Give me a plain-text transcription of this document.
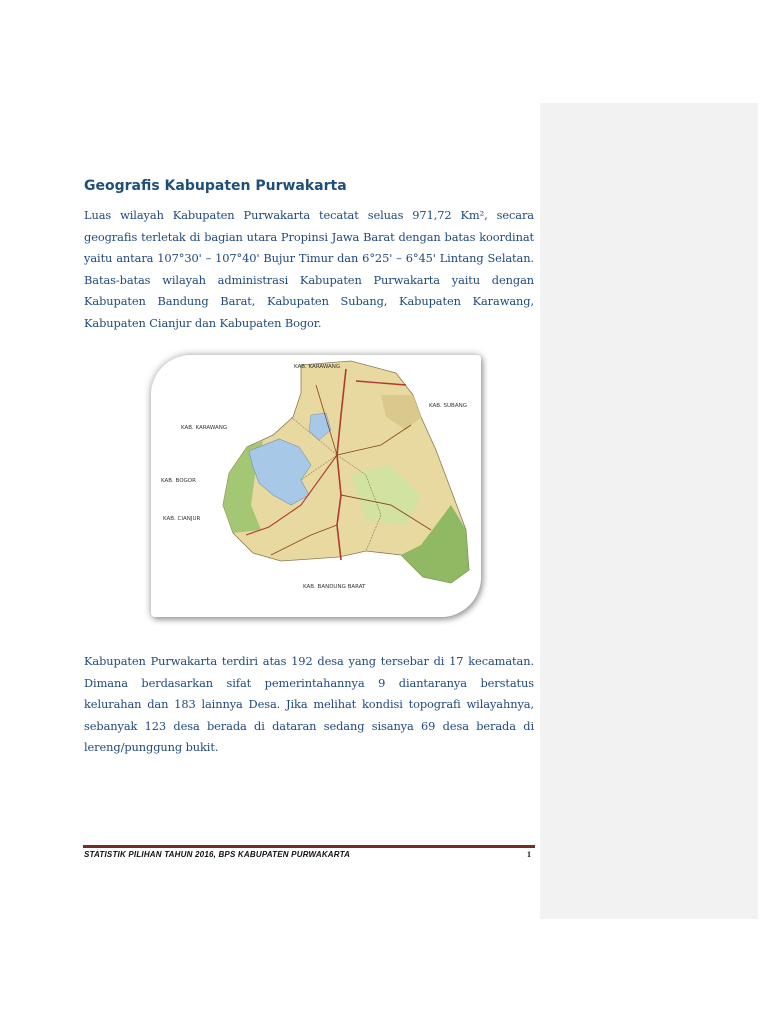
Geografis Kabupaten Purwakarta

Luas wilayah Kabupaten Purwakarta tecatat seluas 971,72 Km², secara geografis terletak di bagian utara Propinsi Jawa Barat dengan batas koordinat yaitu antara 107°30' – 107°40' Bujur Timur dan 6°25' – 6°45' Lintang Selatan. Batas-batas wilayah administrasi Kabupaten Purwakarta yaitu dengan Kabupaten Bandung Barat, Kabupaten Subang, Kabupaten Karawang, Kabupaten Cianjur dan Kabupaten Bogor.

KAB. KARAWANG
KAB. SUBANG
KAB. KARAWANG
KAB. BOGOR
KAB. CIANJUR
KAB. BANDUNG BARAT

Kabupaten Purwakarta terdiri atas 192 desa yang tersebar di 17 kecamatan. Dimana berdasarkan sifat pemerintahannya 9 diantaranya berstatus kelurahan dan 183 lainnya Desa. Jika melihat kondisi topografi wilayahnya, sebanyak 123 desa berada di dataran sedang sisanya 69 desa berada di lereng/punggung bukit.

STATISTIK PILIHAN TAHUN 2016, BPS KABUPATEN PURWAKARTA	1
